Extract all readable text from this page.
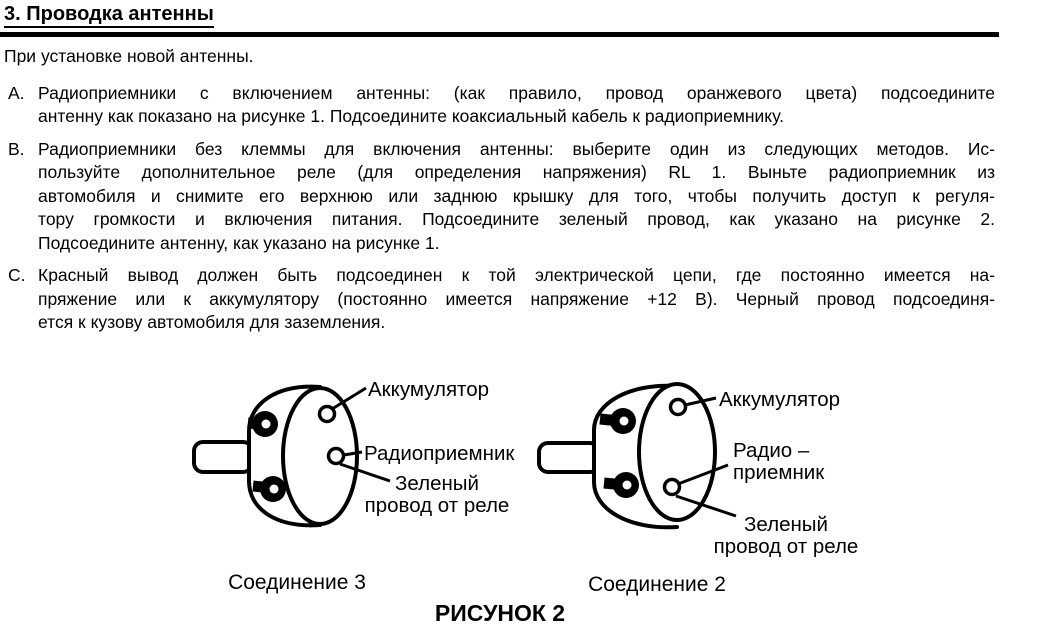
3. Проводка антенны
При установке новой антенны.
A. Радиоприемники с включением антенны: (как правило, провод оранжевого цвета) подсоедините
антенну как показано на рисунке 1. Подсоедините коаксиальный кабель к радиоприемнику.
B. Радиоприемники без клеммы для включения антенны: выберите один из следующих методов. Ис-
пользуйте дополнительное реле (для определения напряжения) RL 1. Выньте радиоприемник из
автомобиля и снимите его верхнюю или заднюю крышку для того, чтобы получить доступ к регуля-
тору громкости и включения питания. Подсоедините зеленый провод, как указано на рисунке 2.
Подсоедините антенну, как указано на рисунке 1.
C. Красный вывод должен быть подсоединен к той электрической цепи, где постоянно имеется на-
пряжение или к аккумулятору (постоянно имеется напряжение +12 В). Черный провод подсоединя-
ется к кузову автомобиля для заземления.
Аккумулятор
Радиоприемник
Зеленый
провод от реле
Соединение 3
Аккумулятор
Радио –
приемник
Зеленый
провод от реле
Соединение 2
РИСУНОК 2
